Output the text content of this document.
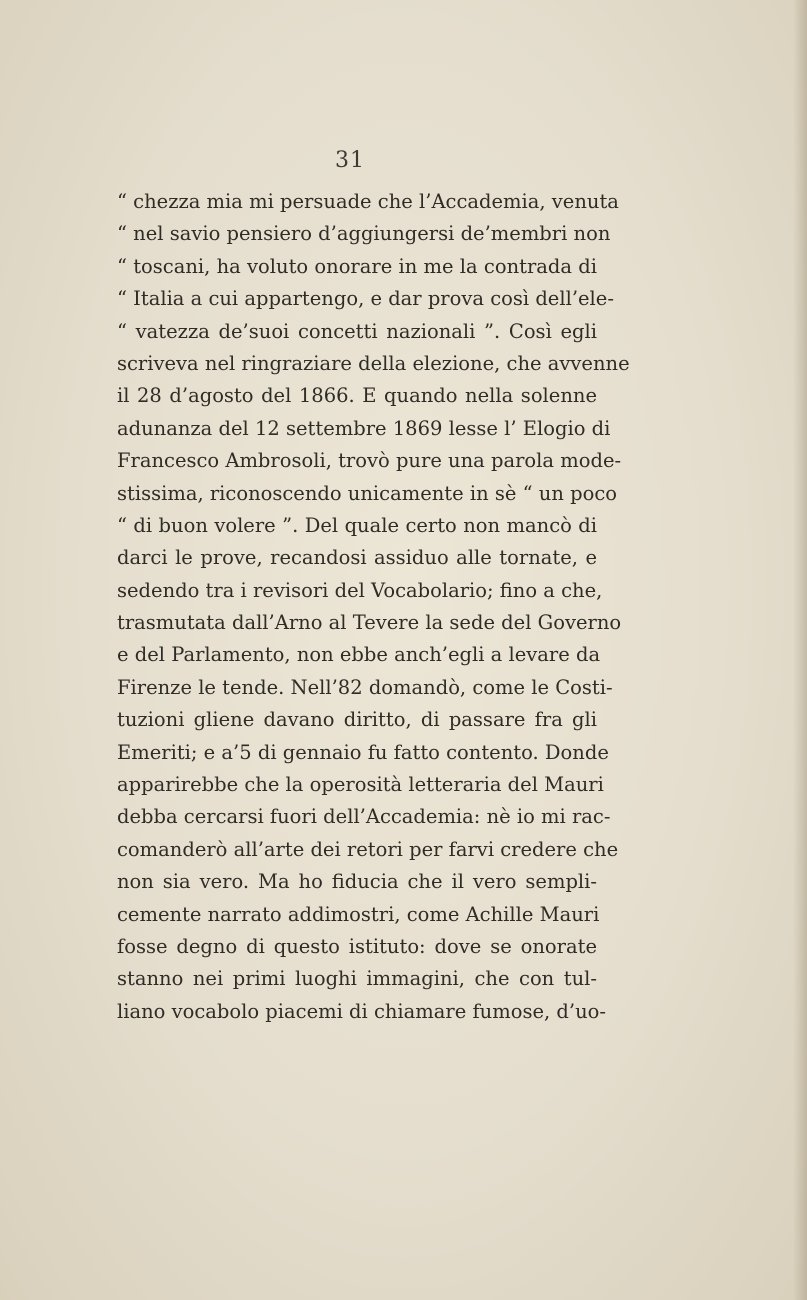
31
“ chezza mia mi persuade che l’Accademia, venuta
“ nel savio pensiero d’aggiungersi de’membri non
“ toscani, ha voluto onorare in me la contrada di
“ Italia a cui appartengo, e dar prova così dell’ele-
“ vatezza de’suoi concetti nazionali ”. Così egli
scriveva nel ringraziare della elezione, che avvenne
il 28 d’agosto del 1866. E quando nella solenne
adunanza del 12 settembre 1869 lesse l’ Elogio di
Francesco Ambrosoli, trovò pure una parola mode-
stissima, riconoscendo unicamente in sè “ un poco
“ di buon volere ”. Del quale certo non mancò di
darci le prove, recandosi assiduo alle tornate, e
sedendo tra i revisori del Vocabolario; fino a che,
trasmutata dall’Arno al Tevere la sede del Governo
e del Parlamento, non ebbe anch’egli a levare da
Firenze le tende. Nell’82 domandò, come le Costi-
tuzioni gliene davano diritto, di passare fra gli
Emeriti; e a’5 di gennaio fu fatto contento. Donde
apparirebbe che la operosità letteraria del Mauri
debba cercarsi fuori dell’Accademia: nè io mi rac-
comanderò all’arte dei retori per farvi credere che
non sia vero. Ma ho fiducia che il vero sempli-
cemente narrato addimostri, come Achille Mauri
fosse degno di questo istituto: dove se onorate
stanno nei primi luoghi immagini, che con tul-
liano vocabolo piacemi di chiamare fumose, d’uo-
